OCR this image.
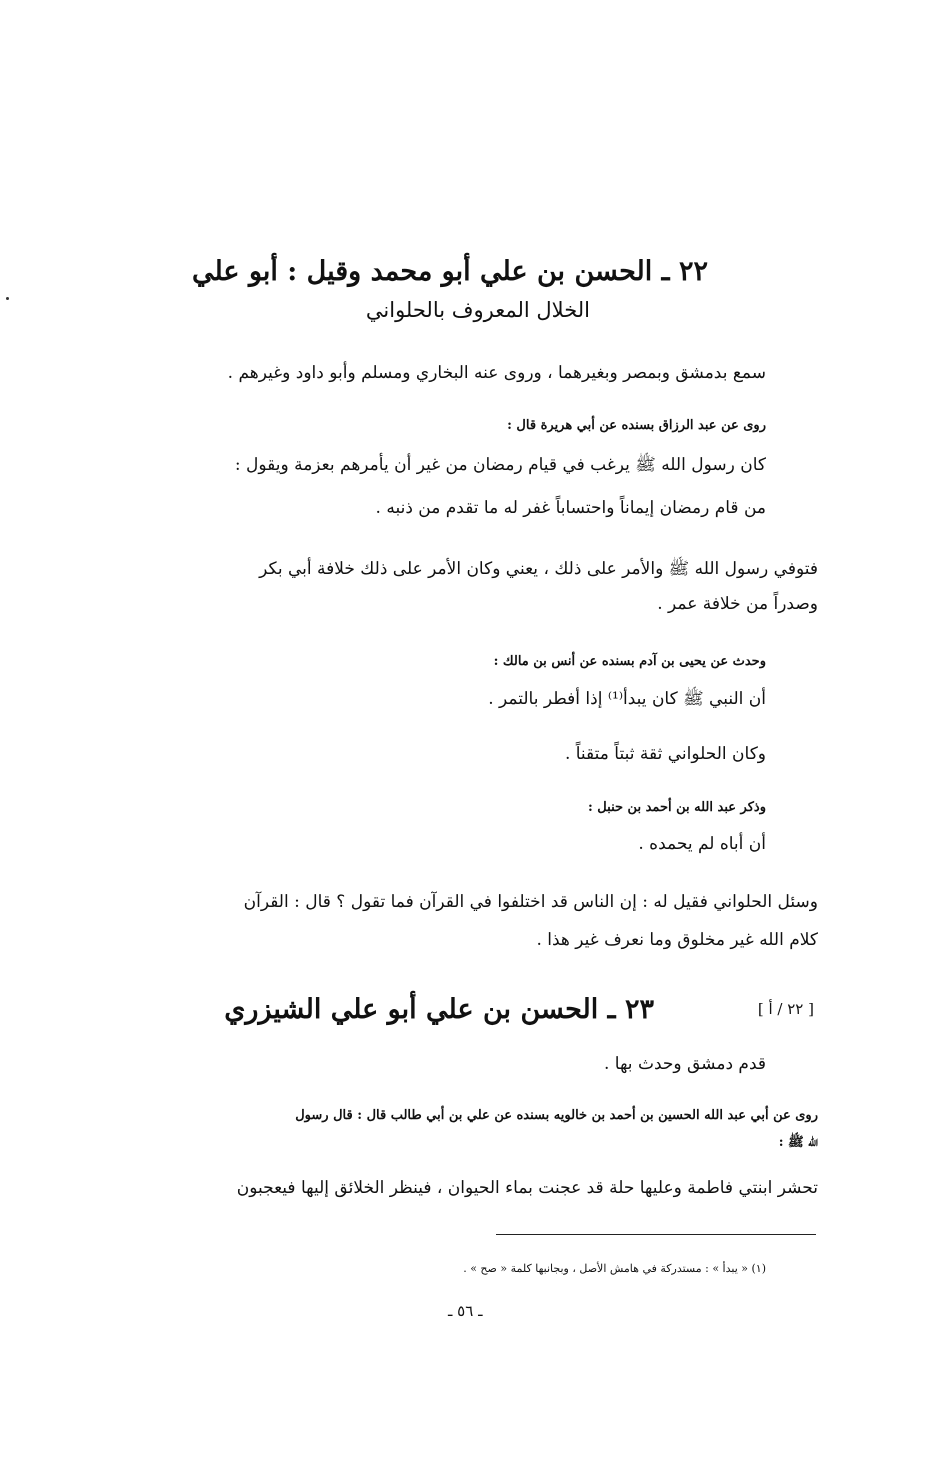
٢٢ ـ الحسن بن علي أبو محمد وقيل : أبو علي
الخلال المعروف بالحلواني
سمع بدمشق وبمصر وبغيرهما ، وروى عنه البخاري ومسلم وأبو داود وغيرهم .
روى عن عبد الرزاق بسنده عن أبي هريرة قال :
كان رسول الله ﷺ يرغب في قيام رمضان من غير أن يأمرهم بعزمة ويقول :
من قام رمضان إيماناً واحتساباً غفر له ما تقدم من ذنبه .
فتوفي رسول الله ﷺ والأمر على ذلك ، يعني وكان الأمر على ذلك خلافة أبي بكر
وصدراً من خلافة عمر .
وحدث عن يحيى بن آدم بسنده عن أنس بن مالك :
أن النبي ﷺ كان يبدأ⁽¹⁾ إذا أفطر بالتمر .
وكان الحلواني ثقة ثبتاً متقناً .
وذكر عبد الله بن أحمد بن حنبل :
أن أباه لم يحمده .
وسئل الحلواني فقيل له : إن الناس قد اختلفوا في القرآن فما تقول ؟ قال : القرآن
كلام الله غير مخلوق وما نعرف غير هذا .
[ ٢٢ / أ ]
٢٣ ـ الحسن بن علي أبو علي الشيزري
قدم دمشق وحدث بها .
روى عن أبي عبد الله الحسين بن أحمد بن خالويه بسنده عن علي بن أبي طالب قال : قال رسول
الله ﷺ :
تحشر ابنتي فاطمة وعليها حلة قد عجنت بماء الحيوان ، فينظر الخلائق إليها فيعجبون
(١) « يبدأ » : مستدركة في هامش الأصل ، وبجانبها كلمة « صح » .
ـ ٥٦ ـ
